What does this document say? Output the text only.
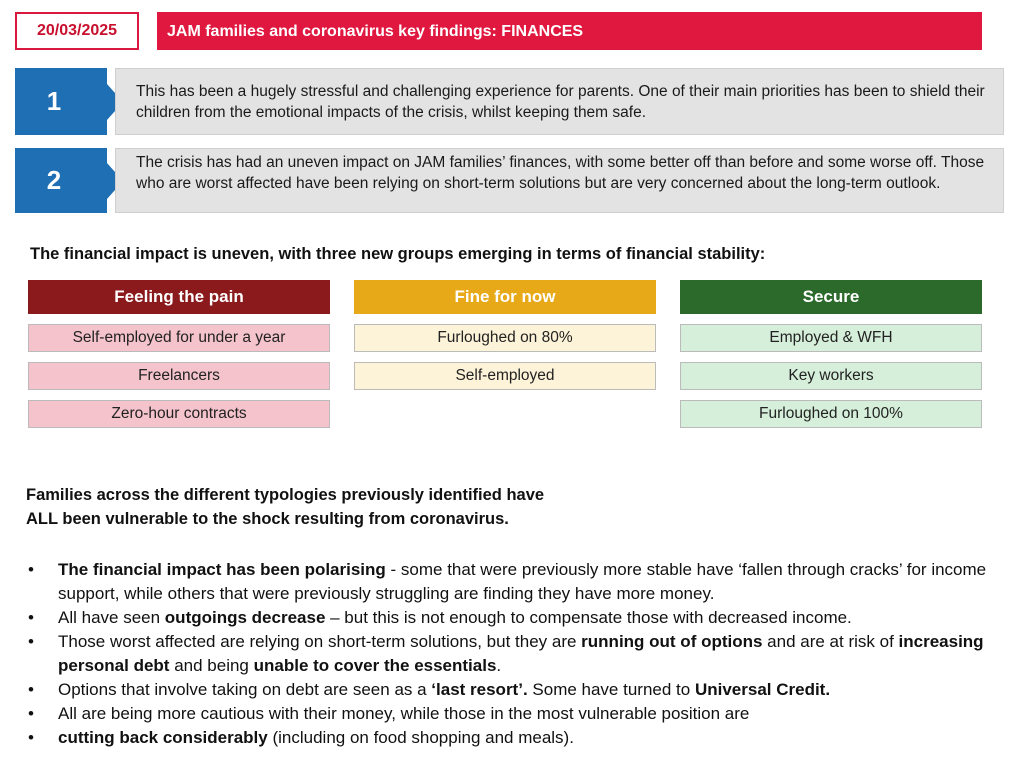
20/03/2025	JAM families and coronavirus key findings: FINANCES
1	This has been a hugely stressful and challenging experience for parents. One of their main priorities has been to shield their children from the emotional impacts of the crisis, whilst keeping them safe.
2
The crisis has had an uneven impact on JAM families’ finances, with some better off than before and some worse off. Those who are worst affected have been relying on short-term solutions but are very concerned about the long-term outlook.
The financial impact is uneven, with three new groups emerging in terms of financial stability:
Feeling the pain
Self-employed for under a year
Freelancers
Zero-hour contracts
Fine for now
Furloughed on 80%
Self-employed
Secure
Employed & WFH
Key workers
Furloughed on 100%
Families across the different typologies previously identified have
ALL been vulnerable to the shock resulting from coronavirus.
• The financial impact has been polarising - some that were previously more stable have ‘fallen through cracks’ for income support, while others that were previously struggling are finding they have more money.
• All have seen outgoings decrease – but this is not enough to compensate those with decreased income.
• Those worst affected are relying on short-term solutions, but they are running out of options and are at risk of increasing personal debt and being unable to cover the essentials.
• Options that involve taking on debt are seen as a ‘last resort’. Some have turned to Universal Credit.
• All are being more cautious with their money, while those in the most vulnerable position are
• cutting back considerably (including on food shopping and meals).
